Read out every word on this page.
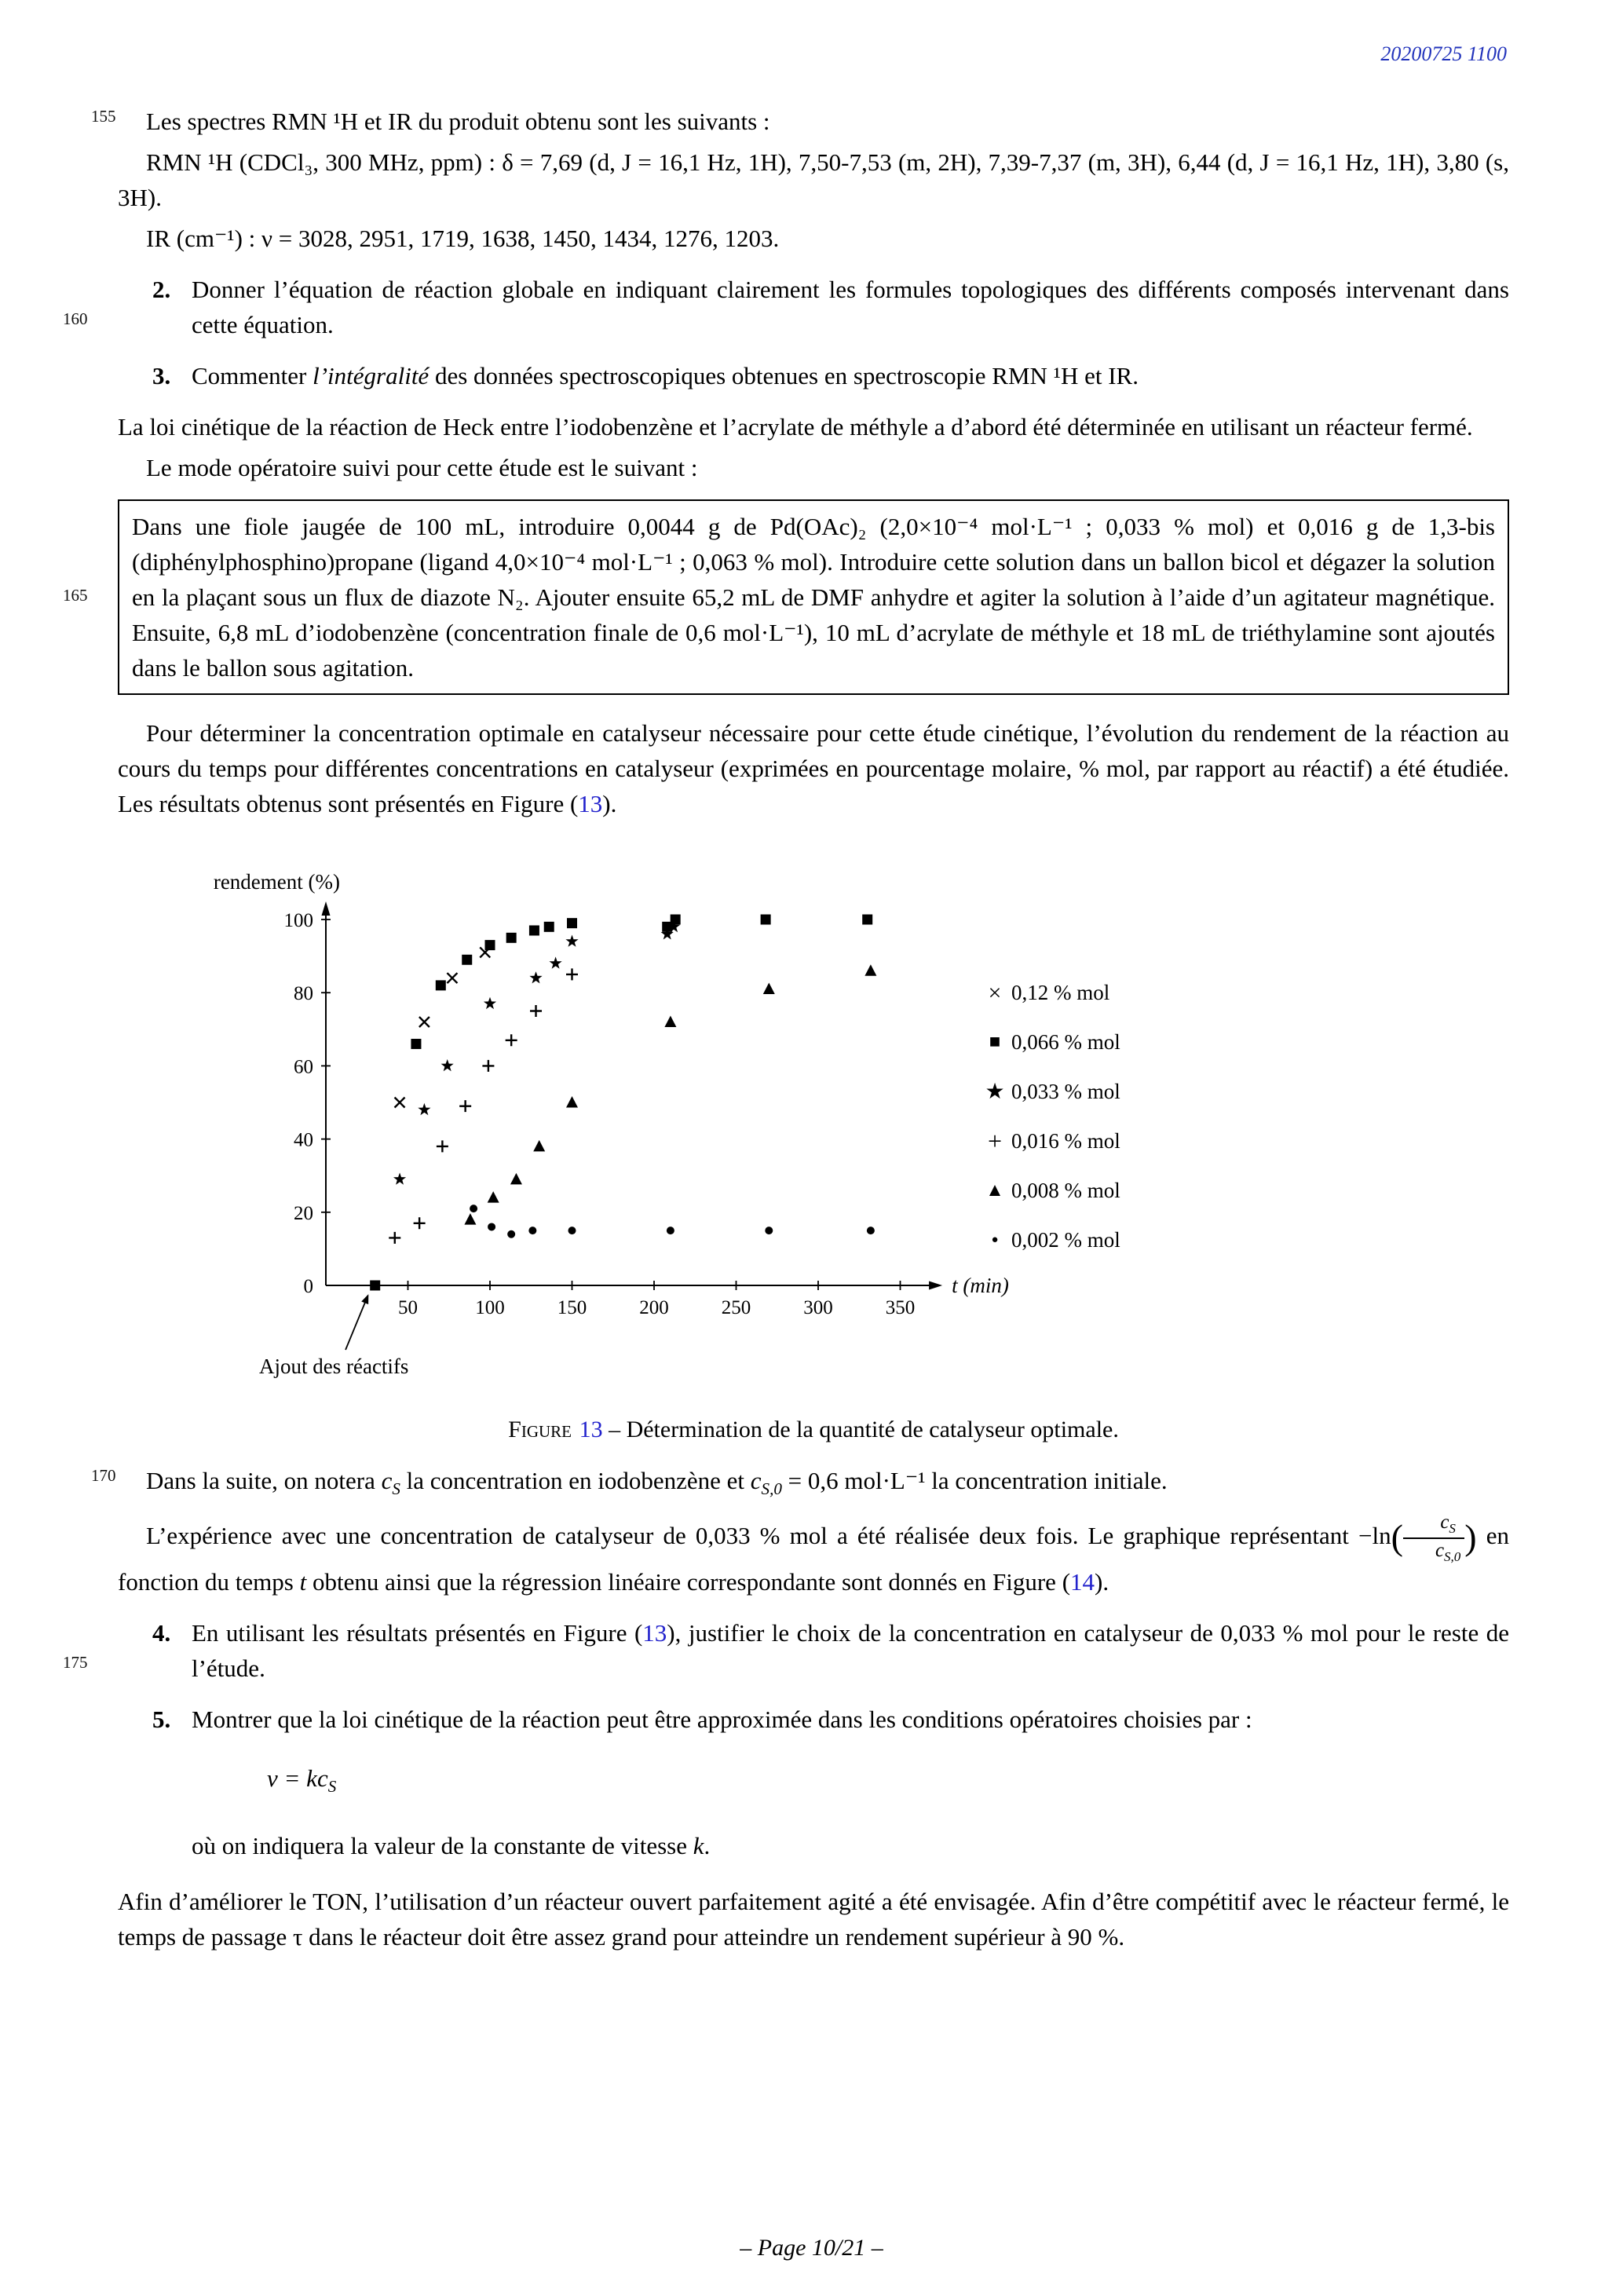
20200725 1100

155 Les spectres RMN ¹H et IR du produit obtenu sont les suivants :

RMN ¹H (CDCl₃, 300 MHz, ppm) : δ = 7,69 (d, J = 16,1 Hz, 1H), 7,50-7,53 (m, 2H), 7,39-7,37 (m, 3H), 6,44 (d, J = 16,1 Hz, 1H), 3,80 (s, 3H).

IR (cm⁻¹) : ν = 3028, 2951, 1719, 1638, 1450, 1434, 1276, 1203.

160
2. Donner l’équation de réaction globale en indiquant clairement les formules topologiques des différents composés intervenant dans cette équation.
3. Commenter l’intégralité des données spectroscopiques obtenues en spectroscopie RMN ¹H et IR.

La loi cinétique de la réaction de Heck entre l’iodobenzène et l’acrylate de méthyle a d’abord été déterminée en utilisant un réacteur fermé.

Le mode opératoire suivi pour cette étude est le suivant :

165
Dans une fiole jaugée de 100 mL, introduire 0,0044 g de Pd(OAc)₂ (2,0×10⁻⁴ mol·L⁻¹ ; 0,033 % mol) et 0,016 g de 1,3-bis (diphénylphosphino)propane (ligand 4,0×10⁻⁴ mol·L⁻¹ ; 0,063 % mol). Introduire cette solution dans un ballon bicol et dégazer la solution en la plaçant sous un flux de diazote N₂. Ajouter ensuite 65,2 mL de DMF anhydre et agiter la solution à l’aide d’un agitateur magnétique. Ensuite, 6,8 mL d’iodobenzène (concentration finale de 0,6 mol·L⁻¹), 10 mL d’acrylate de méthyle et 18 mL de triéthylamine sont ajoutés dans le ballon sous agitation.

Pour déterminer la concentration optimale en catalyseur nécessaire pour cette étude cinétique, l’évolution du rendement de la réaction au cours du temps pour différentes concentrations en catalyseur (exprimées en pourcentage molaire, % mol, par rapport au réactif) a été étudiée. Les résultats obtenus sont présentés en Figure (13).

50	100	150	200	250	300	350
0
20
40
60
80
100
rendement (%)
t (min)
Ajout des réactifs
× 0,12 % mol
■ 0,066 % mol
★ 0,033 % mol
+ 0,016 % mol
▲ 0,008 % mol
● 0,002 % mol
Figure 13 – Détermination de la quantité de catalyseur optimale.

170 Dans la suite, on notera $c_S$ la concentration en iodobenzène et $c_{S,0} = 0,6$ mol·L⁻¹ la concentration initiale.

L’expérience avec une concentration de catalyseur de 0,033 % mol a été réalisée deux fois. Le graphique représentant $-\ln( \frac{c_S}{c_{S,0}}$ ) en fonction du temps t obtenu ainsi que la régression linéaire correspondante sont donnés en Figure (14).

175
4. En utilisant les résultats présentés en Figure (13), justifier le choix de la concentration en catalyseur de 0,033 % mol pour le reste de l’étude.
5. Montrer que la loi cinétique de la réaction peut être approximée dans les conditions opératoires choisies par :
$v = kc_S$

où on indiquera la valeur de la constante de vitesse k.

Afin d’améliorer le TON, l’utilisation d’un réacteur ouvert parfaitement agité a été envisagée. Afin d’être compétitif avec le réacteur fermé, le temps de passage τ dans le réacteur doit être assez grand pour atteindre un rendement supérieur à 90 %.

– Page 10/21 –
